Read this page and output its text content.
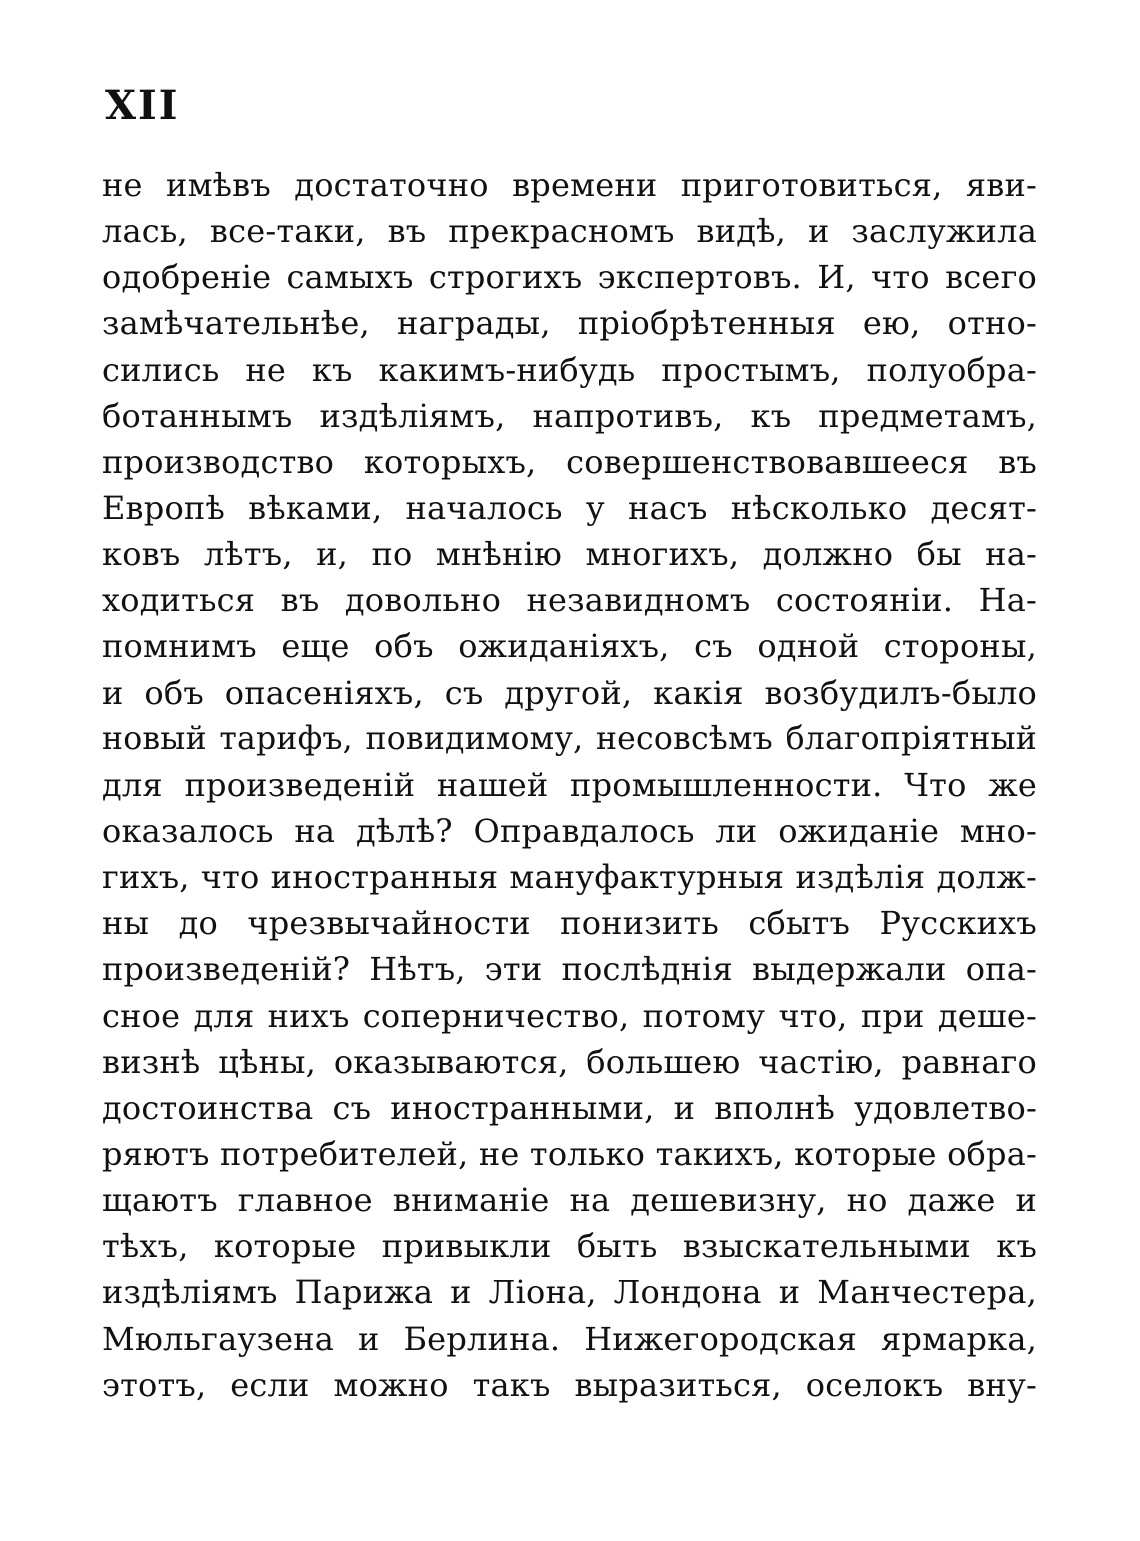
XII
не имѣвъ достаточно времени приготовиться, яви-
лась, все-таки, въ прекрасномъ видѣ, и заслужила
одобреніе самыхъ строгихъ экспертовъ. И, что всего
замѣчательнѣе, награды, пріобрѣтенныя ею, отно-
сились не къ какимъ-нибудь простымъ, полуобра-
ботаннымъ издѣліямъ, напротивъ, къ предметамъ,
производство которыхъ, совершенствовавшееся въ
Европѣ вѣками, началось у насъ нѣсколько десят-
ковъ лѣтъ, и, по мнѣнію многихъ, должно бы на-
ходиться въ довольно незавидномъ состояніи. На-
помнимъ еще объ ожиданіяхъ, съ одной стороны,
и объ опасеніяхъ, съ другой, какія возбудилъ-было
новый тарифъ, повидимому, несовсѣмъ благопріятный
для произведеній нашей промышленности. Что же
оказалось на дѣлѣ? Оправдалось ли ожиданіе мно-
гихъ, что иностранныя мануфактурныя издѣлія долж-
ны до чрезвычайности понизить сбытъ Русскихъ
произведеній? Нѣтъ, эти послѣднія выдержали опа-
сное для нихъ соперничество, потому что, при деше-
визнѣ цѣны, оказываются, большею частію, равнаго
достоинства съ иностранными, и вполнѣ удовлетво-
ряютъ потребителей, не только такихъ, которые обра-
щаютъ главное вниманіе на дешевизну, но даже и
тѣхъ, которые привыкли быть взыскательными къ
издѣліямъ Парижа и Ліона, Лондона и Манчестера,
Мюльгаузена и Берлина. Нижегородская ярмарка,
этотъ, если можно такъ выразиться, оселокъ вну-
